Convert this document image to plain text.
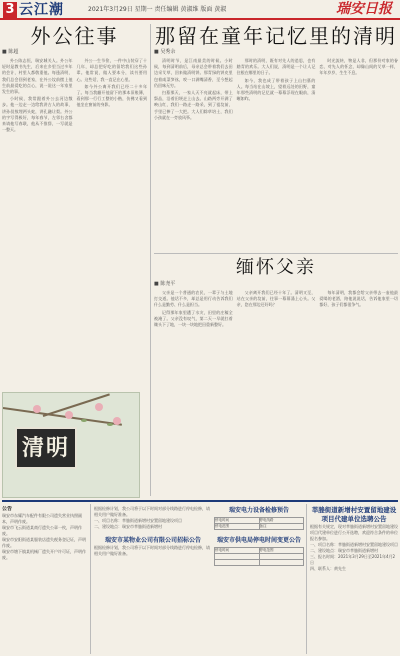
3 云江潮	2021年3月29日 星期一 责任编辑 黄淑维 版面 黄淑	瑞安日报
外公往事
■ 陈超

外公陈志恒，瑞安城关人。外公年轻时是教书先生，后来在乡里当过多年的会计，村里人都敬重他。每逢清明，我们总会回到老家，在外公坟前摆上他生前最爱吃的点心，说一说这一年家里发生的事。

小时候，我常跟着外公去河边散步。他一边走一边给我讲古人的故事，讲孙叔敖埋两头蛇，讲孔融让梨。外公的字写得极好，每年春节，左邻右舍都来请他写春联，他从不推辞，一写就是一整天。

外公一生节俭，一件中山装穿了十几年，却总把好吃的留给我们这些孙辈。他常说，做人要本分，读书要用心。这些话，我一直记在心里。

如今外公离开我们已经二十多年了。每当我翻开他留下的那本旧账簿，看到那一行行工整的小楷，仿佛又看到他坐在窗前的身影。

那留在童年记忆里的清明
■ 吴秀余

清明时节，是江南最美的时候。小时候，每到清明前后，母亲总会带着我们去田边采艾草，回来做清明饼。那青绿的饼皮里包着咸菜笋丝，咬一口满嘴清香，至今想起仍回味无穷。

扫墓那天，一家人天不亮就起床，带上祭品，沿着田埂走上山去。山路两旁开满了映山红，我们一路走一路采，到了祖坟前，手里已捧了一大把。大人们除草培土，我们小孩就在一旁放风筝。

那时的清明，既有对先人的追思，也有踏青的欢乐。大人们说，清明是一个让人记住根在哪里的日子。

如今，我也成了带着孩子上山扫墓的人。每当站在山坡上，望着远处的田野，童年那些清明的记忆就一幕幕浮现在眼前，清晰如昨。

时光流转，物是人非，但那份对家的眷恋、对先人的怀念，却像山间的艾草一样，年年岁岁，生生不息。

缅怀父亲
■ 陈尧平

父亲是一个普通的农民，一辈子与土地打交道。他话不多，却总是用行动告诉我们什么是勤劳、什么是担当。

记得那年家里遭了水灾，田里的庄稼全被淹了。父亲没有叹气，第二天一早就扛着锄头下了地，一块一块地把田重新整好。

父亲离开我们已经十年了。清明又至，站在父亲的坟前，往事一幕幕涌上心头。父亲，您在那边还好吗？

每年清明，我都会给父亲带去一壶他最爱喝的老酒，陪他说说话，告诉他家里一切都好，孩子们都很争气。

清明
公告
瑞安市东耀汽车配件有限公司遗失营业执照副本，声明作废。
瑞安市飞云街道某商行遗失公章一枚，声明作废。
瑞安市安阳街道某服装店遗失税务登记证，声明作废。
瑞安市塘下镇某机械厂遗失开户许可证，声明作废。
根据检修计划，我公司将于以下时间对部分线路进行停电检修，请相关用户做好准备。
一、项目名称：莘塍街道新增村安置留地建设项目
二、建设地点：瑞安市莘塍街道新增村
瑞安市某物业公司有限公司招标公告
根据检修计划，我公司将于以下时间对部分线路进行停电检修，请相关用户做好准备。
瑞安电力设备检修预告
停电时间	停电线路
停电范围	备注
瑞安市供电局停电时间变更公告
停电时间	停电范围

莘塍街道新增村安置留地建设项目代建单位选聘公告
根据有关规定，现对莘塍街道新增村安置留地建设项目代建单位进行公开选聘，欢迎符合条件的单位报名参加。
一、项目名称：莘塍街道新增村安置留地建设项目
二、建设地点：瑞安市莘塍街道新增村
三、报名时间：2021年3月29日至2021年4月2日
四、联系人：黄先生
